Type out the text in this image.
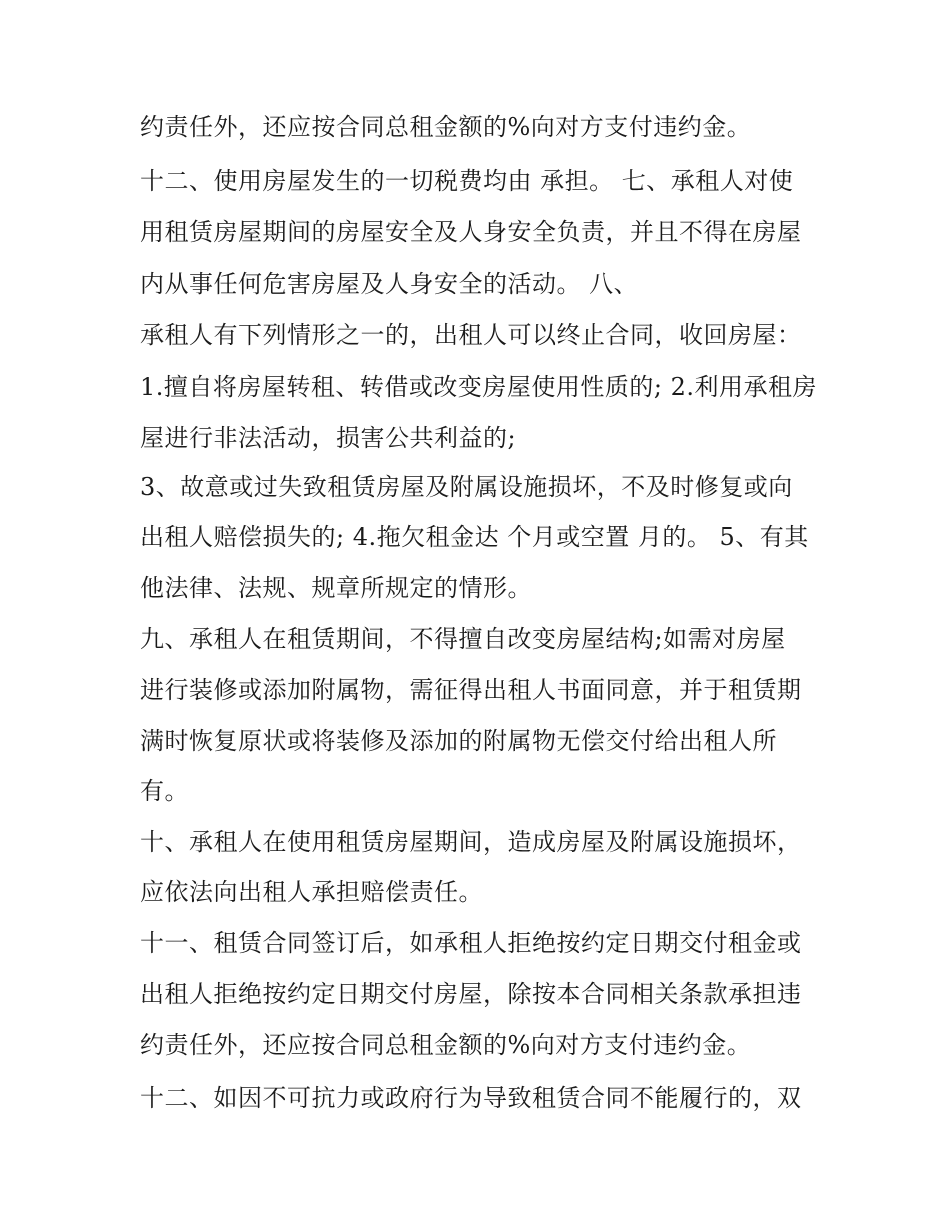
约责任外，还应按合同总租金额的%向对方支付违约金。
十二、使用房屋发生的一切税费均由 承担。 七、承租人对使
用租赁房屋期间的房屋安全及人身安全负责，并且不得在房屋
内从事任何危害房屋及人身安全的活动。 八、
承租人有下列情形之一的，出租人可以终止合同，收回房屋：
1.擅自将房屋转租、转借或改变房屋使用性质的; 2.利用承租房
屋进行非法活动，损害公共利益的;
3、故意或过失致租赁房屋及附属设施损坏，不及时修复或向
出租人赔偿损失的; 4.拖欠租金达 个月或空置 月的。 5、有其
他法律、法规、规章所规定的情形。
九、承租人在租赁期间，不得擅自改变房屋结构;如需对房屋
进行装修或添加附属物，需征得出租人书面同意，并于租赁期
满时恢复原状或将装修及添加的附属物无偿交付给出租人所
有。
十、承租人在使用租赁房屋期间，造成房屋及附属设施损坏，
应依法向出租人承担赔偿责任。
十一、租赁合同签订后，如承租人拒绝按约定日期交付租金或
出租人拒绝按约定日期交付房屋，除按本合同相关条款承担违
约责任外，还应按合同总租金额的%向对方支付违约金。
十二、如因不可抗力或政府行为导致租赁合同不能履行的，双
